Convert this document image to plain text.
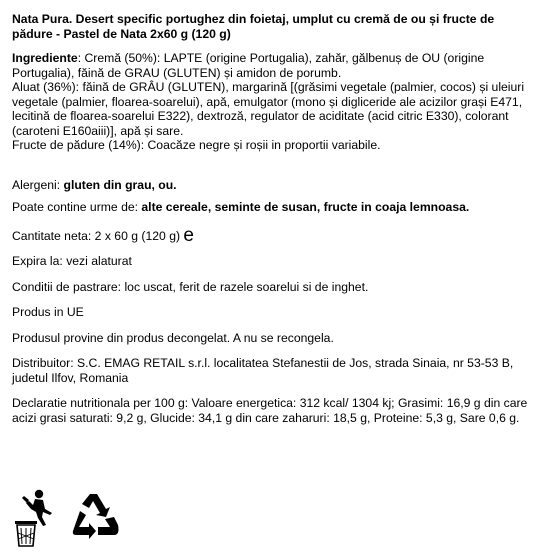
Nata Pura. Desert specific portughez din foietaj, umplut cu cremă de ou și fructe de
pădure - Pastel de Nata 2x60 g (120 g)

Ingrediente: Cremă (50%): LAPTE (origine Portugalia), zahăr, gălbenuș de OU (origine Portugalia), făină de GRAU (GLUTEN) și amidon de porumb.

Aluat (36%): făină de GRÂU (GLUTEN), margarină [(grăsimi vegetale (palmier, cocos) și uleiuri vegetale (palmier, floarea-soarelui), apă, emulgator (mono și digliceride ale acizilor grași E471, lecitină de floarea-soarelui E322), dextroză, regulator de aciditate (acid citric E330), colorant (caroteni E160aiii)], apă și sare.

Fructe de pădure (14%): Coacăze negre și roșii in proportii variabile.

Alergeni: gluten din grau, ou.

Poate contine urme de: alte cereale, seminte de susan, fructe in coaja lemnoasa.

Cantitate neta: 2 x 60 g (120 g) e

Expira la: vezi alaturat

Conditii de pastrare: loc uscat, ferit de razele soarelui si de inghet.

Produs in UE

Produsul provine din produs decongelat. A nu se recongela.

Distribuitor: S.C. EMAG RETAIL s.r.l. localitatea Stefanestii de Jos, strada Sinaia, nr 53-53 B, judetul Ilfov, Romania

Declaratie nutritionala per 100 g: Valoare energetica: 312 kcal/ 1304 kj; Grasimi: 16,9 g din care acizi grasi saturati: 9,2 g, Glucide: 34,1 g din care zaharuri: 18,5 g, Proteine: 5,3 g, Sare 0,6 g.
